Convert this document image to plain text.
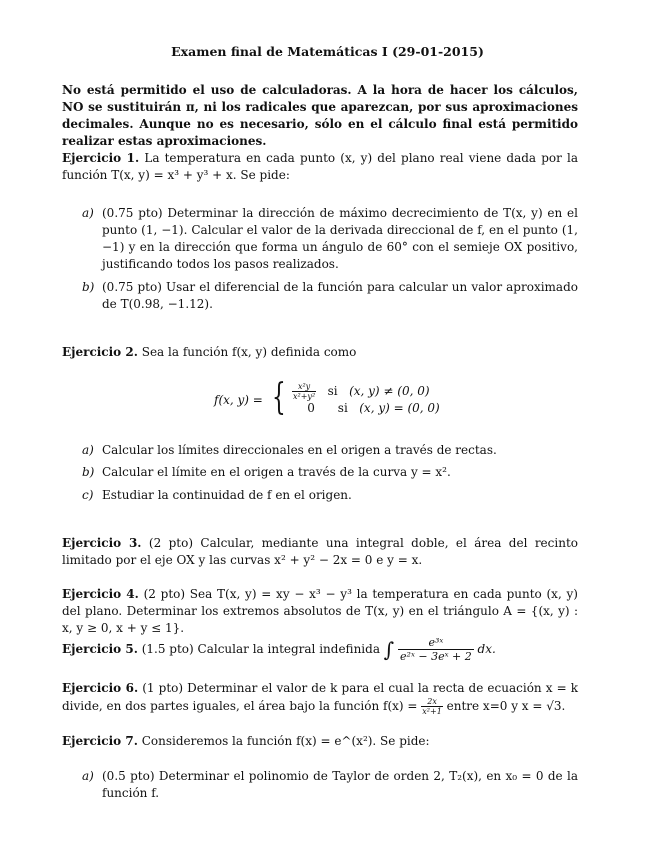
Examen final de Matemáticas I (29-01-2015)
No está permitido el uso de calculadoras. A la hora de hacer los cálculos, NO se sustituirán π, ni los radicales que aparezcan, por sus aproximaciones decimales. Aunque no es necesario, sólo en el cálculo final está permitido realizar estas aproximaciones.
Ejercicio 1. La temperatura en cada punto (x, y) del plano real viene dada por la función T(x, y) = x³ + y³ + x. Se pide:
a) (0.75 pto) Determinar la dirección de máximo decrecimiento de T(x, y) en el punto (1, −1). Calcular el valor de la derivada direccional de f, en el punto (1, −1) y en la dirección que forma un ángulo de 60° con el semieje OX positivo, justificando todos los pasos realizados.
b) (0.75 pto) Usar el diferencial de la función para calcular un valor aproximado de T(0.98, −1.12).
Ejercicio 2. Sea la función f(x, y) definida como
f(x, y) = { $\frac{\text{x²y}}{\text{x²+y²}}$ si (x, y) ≠ (0, 0)
0 si (x, y) = (0, 0)
a) Calcular los límites direccionales en el origen a través de rectas.
b) Calcular el límite en el origen a través de la curva y = x².
c) Estudiar la continuidad de f en el origen.
Ejercicio 3. (2 pto) Calcular, mediante una integral doble, el área del recinto limitado por el eje OX y las curvas x² + y² − 2x = 0 e y = x.
Ejercicio 4. (2 pto) Sea T(x, y) = xy − x³ − y³ la temperatura en cada punto (x, y) del plano. Determinar los extremos absolutos de T(x, y) en el triángulo A = {(x, y) : x, y ≥ 0, x + y ≤ 1}.
Ejercicio 5. (1.5 pto) Calcular la integral indefinida ∫ $\frac{\text{e³ˣ}}{\text{e²ˣ − 3eˣ + 2}}$ dx.
Ejercicio 6. (1 pto) Determinar el valor de k para el cual la recta de ecuación x = k divide, en dos partes iguales, el área bajo la función $f(x) = \frac{2x}{\text{x²+1}}$ entre x=0 y x = √3.
Ejercicio 7. Consideremos la función f(x) = e^(x²). Se pide:
a) (0.5 pto) Determinar el polinomio de Taylor de orden 2, T₂(x), en x₀ = 0 de la función f.
